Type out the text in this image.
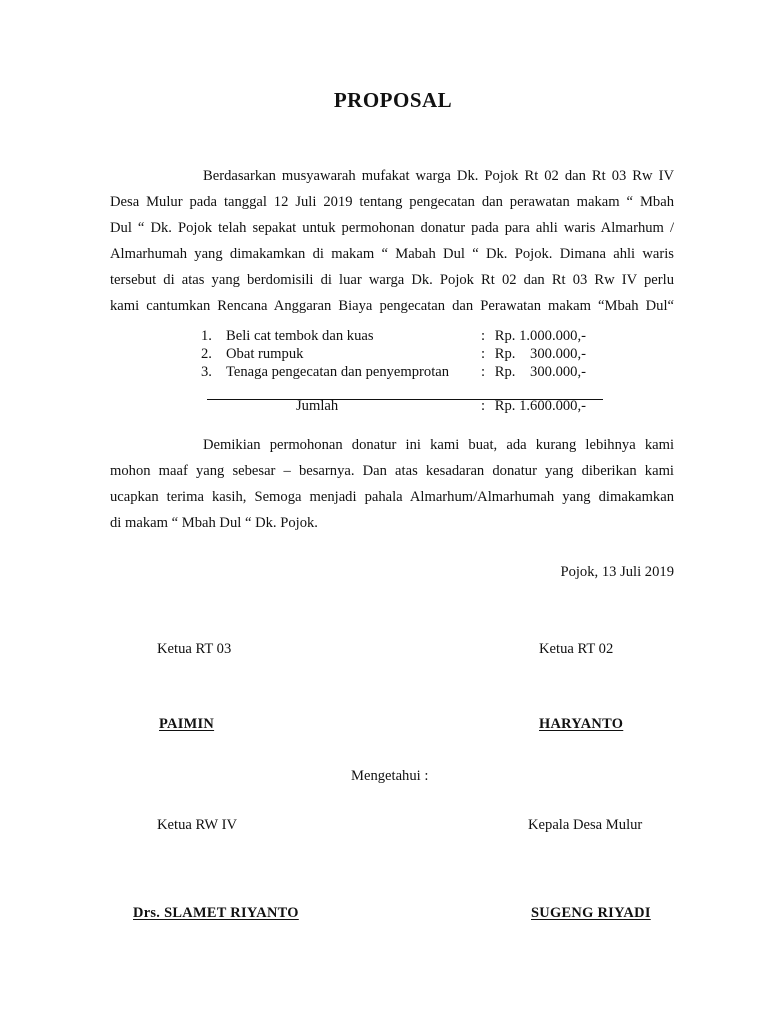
PROPOSAL
Berdasarkan musyawarah mufakat warga Dk. Pojok Rt 02 dan Rt 03 Rw IV
Desa Mulur pada tanggal 12 Juli 2019 tentang pengecatan dan perawatan makam “ Mbah
Dul “ Dk. Pojok telah sepakat untuk permohonan donatur pada para ahli waris Almarhum /
Almarhumah yang dimakamkan di makam “ Mabah Dul “ Dk. Pojok. Dimana ahli waris
tersebut di atas yang berdomisili di luar warga Dk. Pojok Rt 02 dan Rt 03 Rw IV perlu
kami cantumkan Rencana Anggaran Biaya pengecatan dan Perawatan makam “Mbah Dul“
1. Beli cat tembok dan kuas	: Rp. 1.000.000,-
2. Obat rumpuk	: Rp.    300.000,-
3. Tenaga pengecatan dan penyemprotan : Rp.    300.000,-
Jumlah	: Rp. 1.600.000,-
Demikian permohonan donatur ini kami buat, ada kurang lebihnya kami
mohon maaf yang sebesar – besarnya. Dan atas kesadaran donatur yang diberikan kami
ucapkan terima kasih, Semoga menjadi pahala Almarhum/Almarhumah yang dimakamkan
di makam “ Mbah Dul “ Dk. Pojok.
Pojok, 13 Juli 2019
Ketua RT 03	Ketua RT 02
PAIMIN	HARYANTO
Mengetahui :
Ketua RW IV	Kepala Desa Mulur
Drs. SLAMET RIYANTO	SUGENG RIYADI
